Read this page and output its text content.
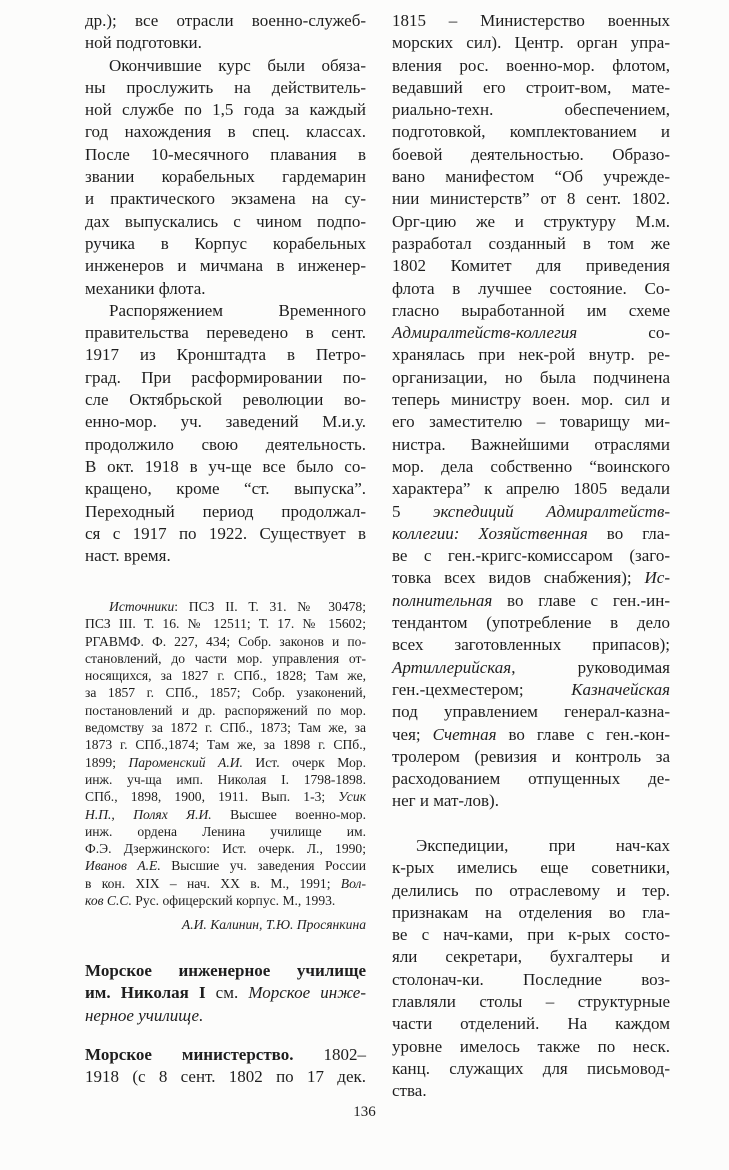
др.); все отрасли военно-служеб-
ной подготовки.
Окончившие курс были обяза-
ны прослужить на действитель-
ной службе по 1,5 года за каждый
год нахождения в спец. классах.
После 10-месячного плавания в
звании корабельных гардемарин
и практического экзамена на су-
дах выпускались с чином подпо-
ручика в Корпус корабельных
инженеров и мичмана в инженер-
механики флота.
Распоряжением Временного
правительства переведено в сент.
1917 из Кронштадта в Петро-
град. При расформировании по-
сле Октябрьской революции во-
енно-мор. уч. заведений М.и.у.
продолжило свою деятельность.
В окт. 1918 в уч-ще все было со-
кращено, кроме “ст. выпуска”.
Переходный период продолжал-
ся с 1917 по 1922. Существует в
наст. время.
Источники: ПСЗ II. Т. 31. № 30478;
ПСЗ III. Т. 16. № 12511; Т. 17. № 15602;
РГАВМФ. Ф. 227, 434; Собр. законов и по-
становлений, до части мор. управления от-
носящихся, за 1827 г. СПб., 1828; Там же,
за 1857 г. СПб., 1857; Собр. узаконений,
постановлений и др. распоряжений по мор.
ведомству за 1872 г. СПб., 1873; Там же, за
1873 г. СПб.,1874; Там же, за 1898 г. СПб.,
1899; Пароменский А.И. Ист. очерк Мор.
инж. уч-ща имп. Николая I. 1798-1898.
СПб., 1898, 1900, 1911. Вып. 1-3; Усик
Н.П., Полях Я.И. Высшее военно-мор.
инж. ордена Ленина училище им.
Ф.Э. Дзержинского: Ист. очерк. Л., 1990;
Иванов А.Е. Высшие уч. заведения России
в кон. XIX – нач. XX в. М., 1991; Вол-
ков С.С. Рус. офицерский корпус. М., 1993.
А.И. Калинин, Т.Ю. Просянкина
Морское инженерное училище
им. Николая I см. Морское инже-
нерное училище.
Морское министерство. 1802–
1918 (с 8 сент. 1802 по 17 дек.
1815 – Министерство военных
морских сил). Центр. орган упра-
вления рос. военно-мор. флотом,
ведавший его строит-вом, мате-
риально-техн. обеспечением,
подготовкой, комплектованием и
боевой деятельностью. Образо-
вано манифестом “Об учрежде-
нии министерств” от 8 сент. 1802.
Орг-цию же и структуру М.м.
разработал созданный в том же
1802 Комитет для приведения
флота в лучшее состояние. Со-
гласно выработанной им схеме
Адмиралтейств-коллегия со-
хранялась при нек-рой внутр. ре-
организации, но была подчинена
теперь министру воен. мор. сил и
его заместителю – товарищу ми-
нистра. Важнейшими отраслями
мор. дела собственно “воинского
характера” к апрелю 1805 ведали
5 экспедиций Адмиралтейств-
коллегии: Хозяйственная во гла-
ве с ген.-кригс-комиссаром (заго-
товка всех видов снабжения); Ис-
полнительная во главе с ген.-ин-
тендантом (употребление в дело
всех заготовленных припасов);
Артиллерийская, руководимая
ген.-цехместером; Казначейская
под управлением генерал-казна-
чея; Счетная во главе с ген.-кон-
тролером (ревизия и контроль за
расходованием отпущенных де-
нег и мат-лов).
Экспедиции, при нач-ках
к-рых имелись еще советники,
делились по отраслевому и тер.
признакам на отделения во гла-
ве с нач-ками, при к-рых состо-
яли секретари, бухгалтеры и
столонач-ки. Последние воз-
главляли столы – структурные
части отделений. На каждом
уровне имелось также по неск.
канц. служащих для письмовод-
ства.
136
